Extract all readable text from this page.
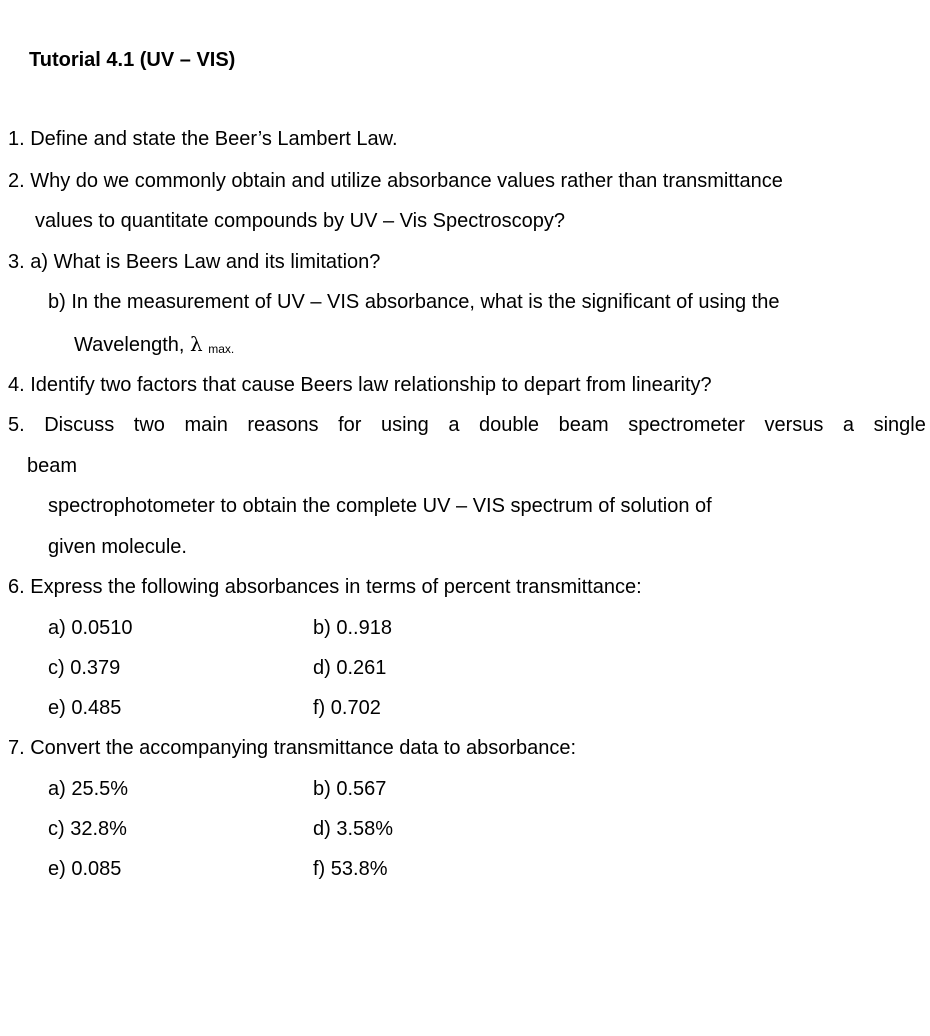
Tutorial 4.1 (UV – VIS)
1. Define and state the Beer’s Lambert Law.
2. Why do we commonly obtain and utilize absorbance values rather than transmittance
values to quantitate compounds by UV – Vis Spectroscopy?
3. a) What is Beers Law and its limitation?
b) In the measurement of UV – VIS absorbance, what is the significant of using the
Wavelength, λ max.
4. Identify two factors that cause Beers law relationship to depart from linearity?
5. Discuss two main reasons for using a double beam spectrometer versus a single
beam
spectrophotometer to obtain the complete UV – VIS spectrum of solution of
given molecule.
6. Express the following absorbances in terms of percent transmittance:
a) 0.0510	b) 0..918
c) 0.379	d) 0.261
e) 0.485	f) 0.702
7. Convert the accompanying transmittance data to absorbance:
a) 25.5%	b) 0.567
c) 32.8%	d) 3.58%
e) 0.085	f) 53.8%
